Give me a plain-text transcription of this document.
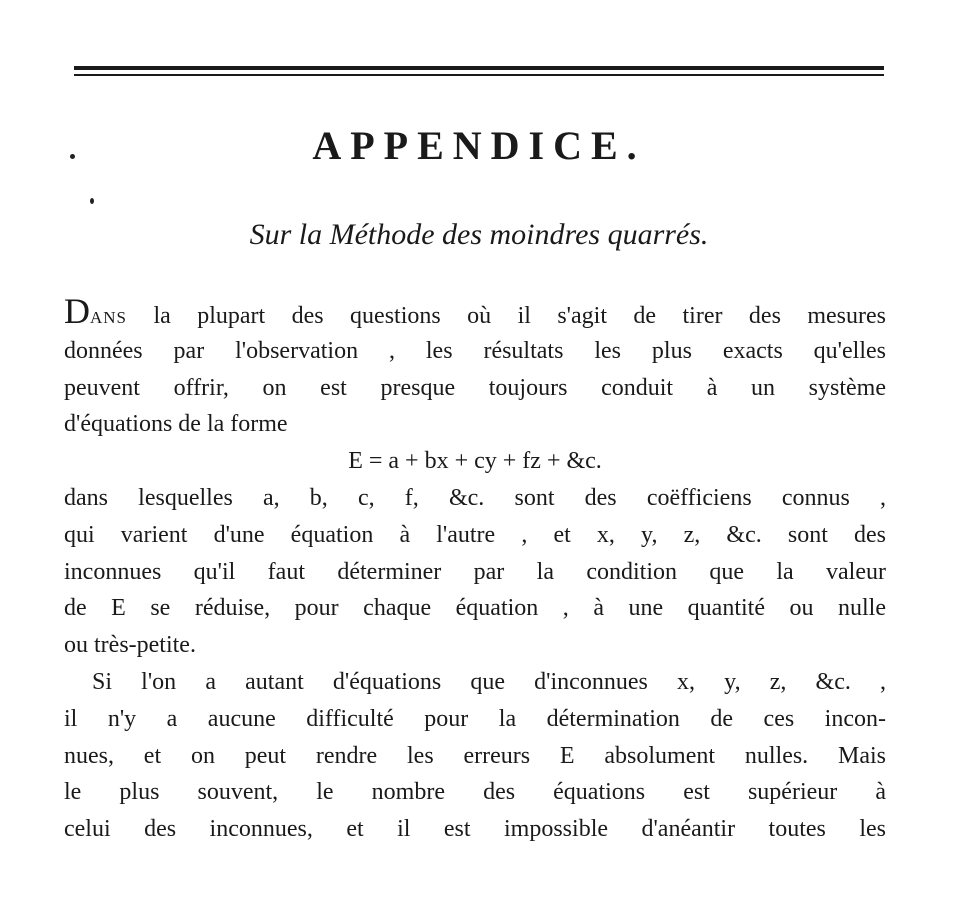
APPENDICE.
Sur la Méthode des moindres quarrés.
DANS la plupart des questions où il s'agit de tirer des mesures
données par l'observation , les résultats les plus exacts qu'elles
peuvent offrir, on est presque toujours conduit à un système
d'équations de la forme
E = a + bx + cy + fz + &c.
dans lesquelles a, b, c, f, &c. sont des coëfficiens connus ,
qui varient d'une équation à l'autre , et x, y, z, &c. sont des
inconnues qu'il faut déterminer par la condition que la valeur
de E se réduise, pour chaque équation , à une quantité ou nulle
ou très-petite.
Si l'on a autant d'équations que d'inconnues x, y, z, &c. ,
il n'y a aucune difficulté pour la détermination de ces incon-
nues, et on peut rendre les erreurs E absolument nulles. Mais
le plus souvent, le nombre des équations est supérieur à
celui des inconnues, et il est impossible d'anéantir toutes les
